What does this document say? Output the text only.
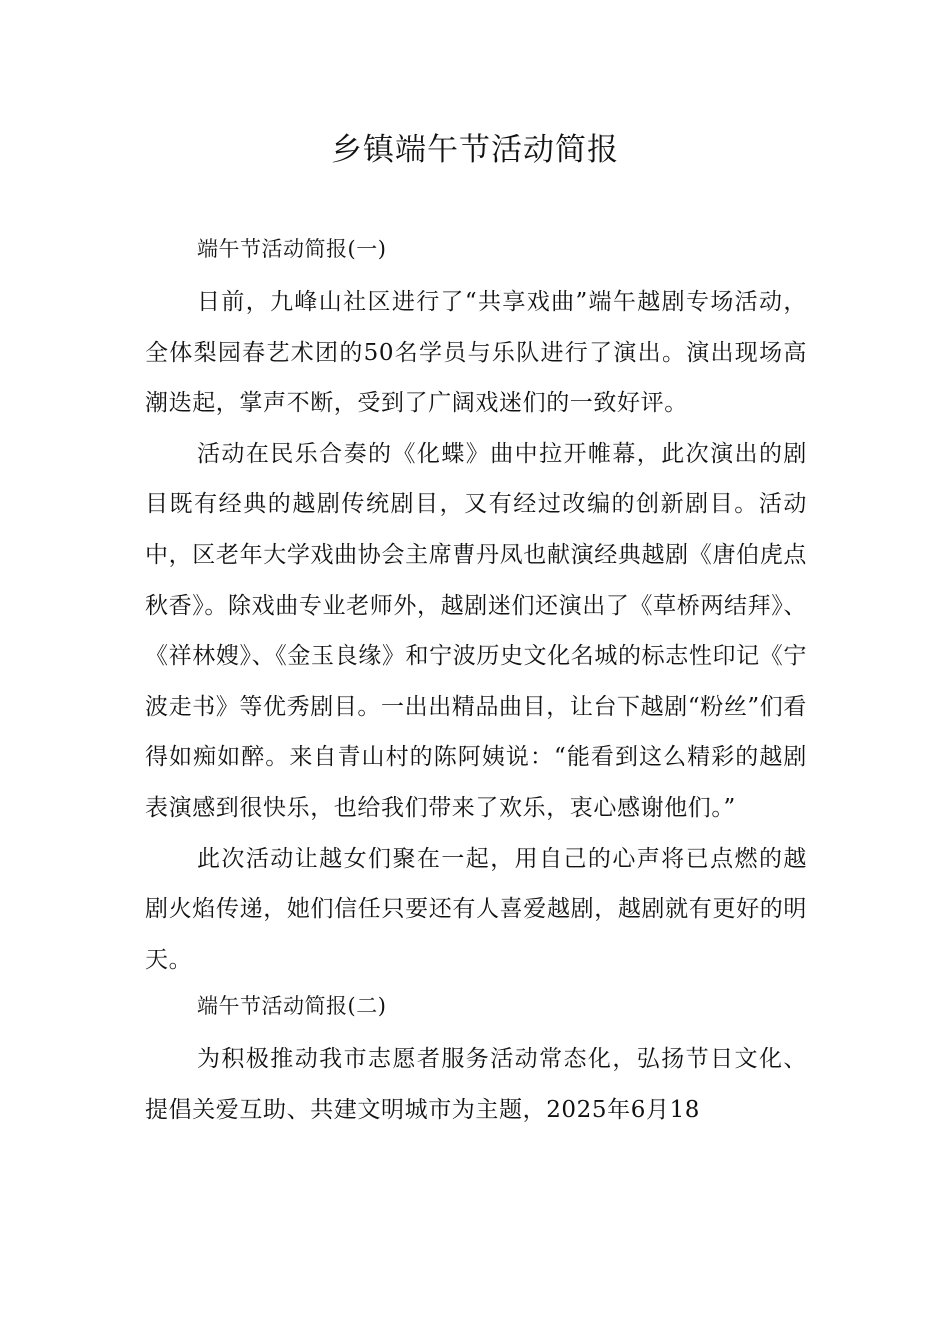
乡镇端午节活动简报
端午节活动简报(一)

日前，九峰山社区进行了“共享戏曲”端午越剧专场活动，全体梨园春艺术团的50名学员与乐队进行了演出。演出现场高潮迭起，掌声不断，受到了广阔戏迷们的一致好评。

活动在民乐合奏的《化蝶》曲中拉开帷幕，此次演出的剧目既有经典的越剧传统剧目，又有经过改编的创新剧目。活动中，区老年大学戏曲协会主席曹丹凤也献演经典越剧《唐伯虎点秋香》。除戏曲专业老师外，越剧迷们还演出了《草桥两结拜》、《祥林嫂》、《金玉良缘》和宁波历史文化名城的标志性印记《宁波走书》等优秀剧目。一出出精品曲目，让台下越剧“粉丝”们看得如痴如醉。来自青山村的陈阿姨说：“能看到这么精彩的越剧表演感到很快乐，也给我们带来了欢乐，衷心感谢他们。”

此次活动让越女们聚在一起，用自己的心声将已点燃的越剧火焰传递，她们信任只要还有人喜爱越剧，越剧就有更好的明天。

端午节活动简报(二)

为积极推动我市志愿者服务活动常态化，弘扬节日文化、提倡关爱互助、共建文明城市为主题，2025年6月18
